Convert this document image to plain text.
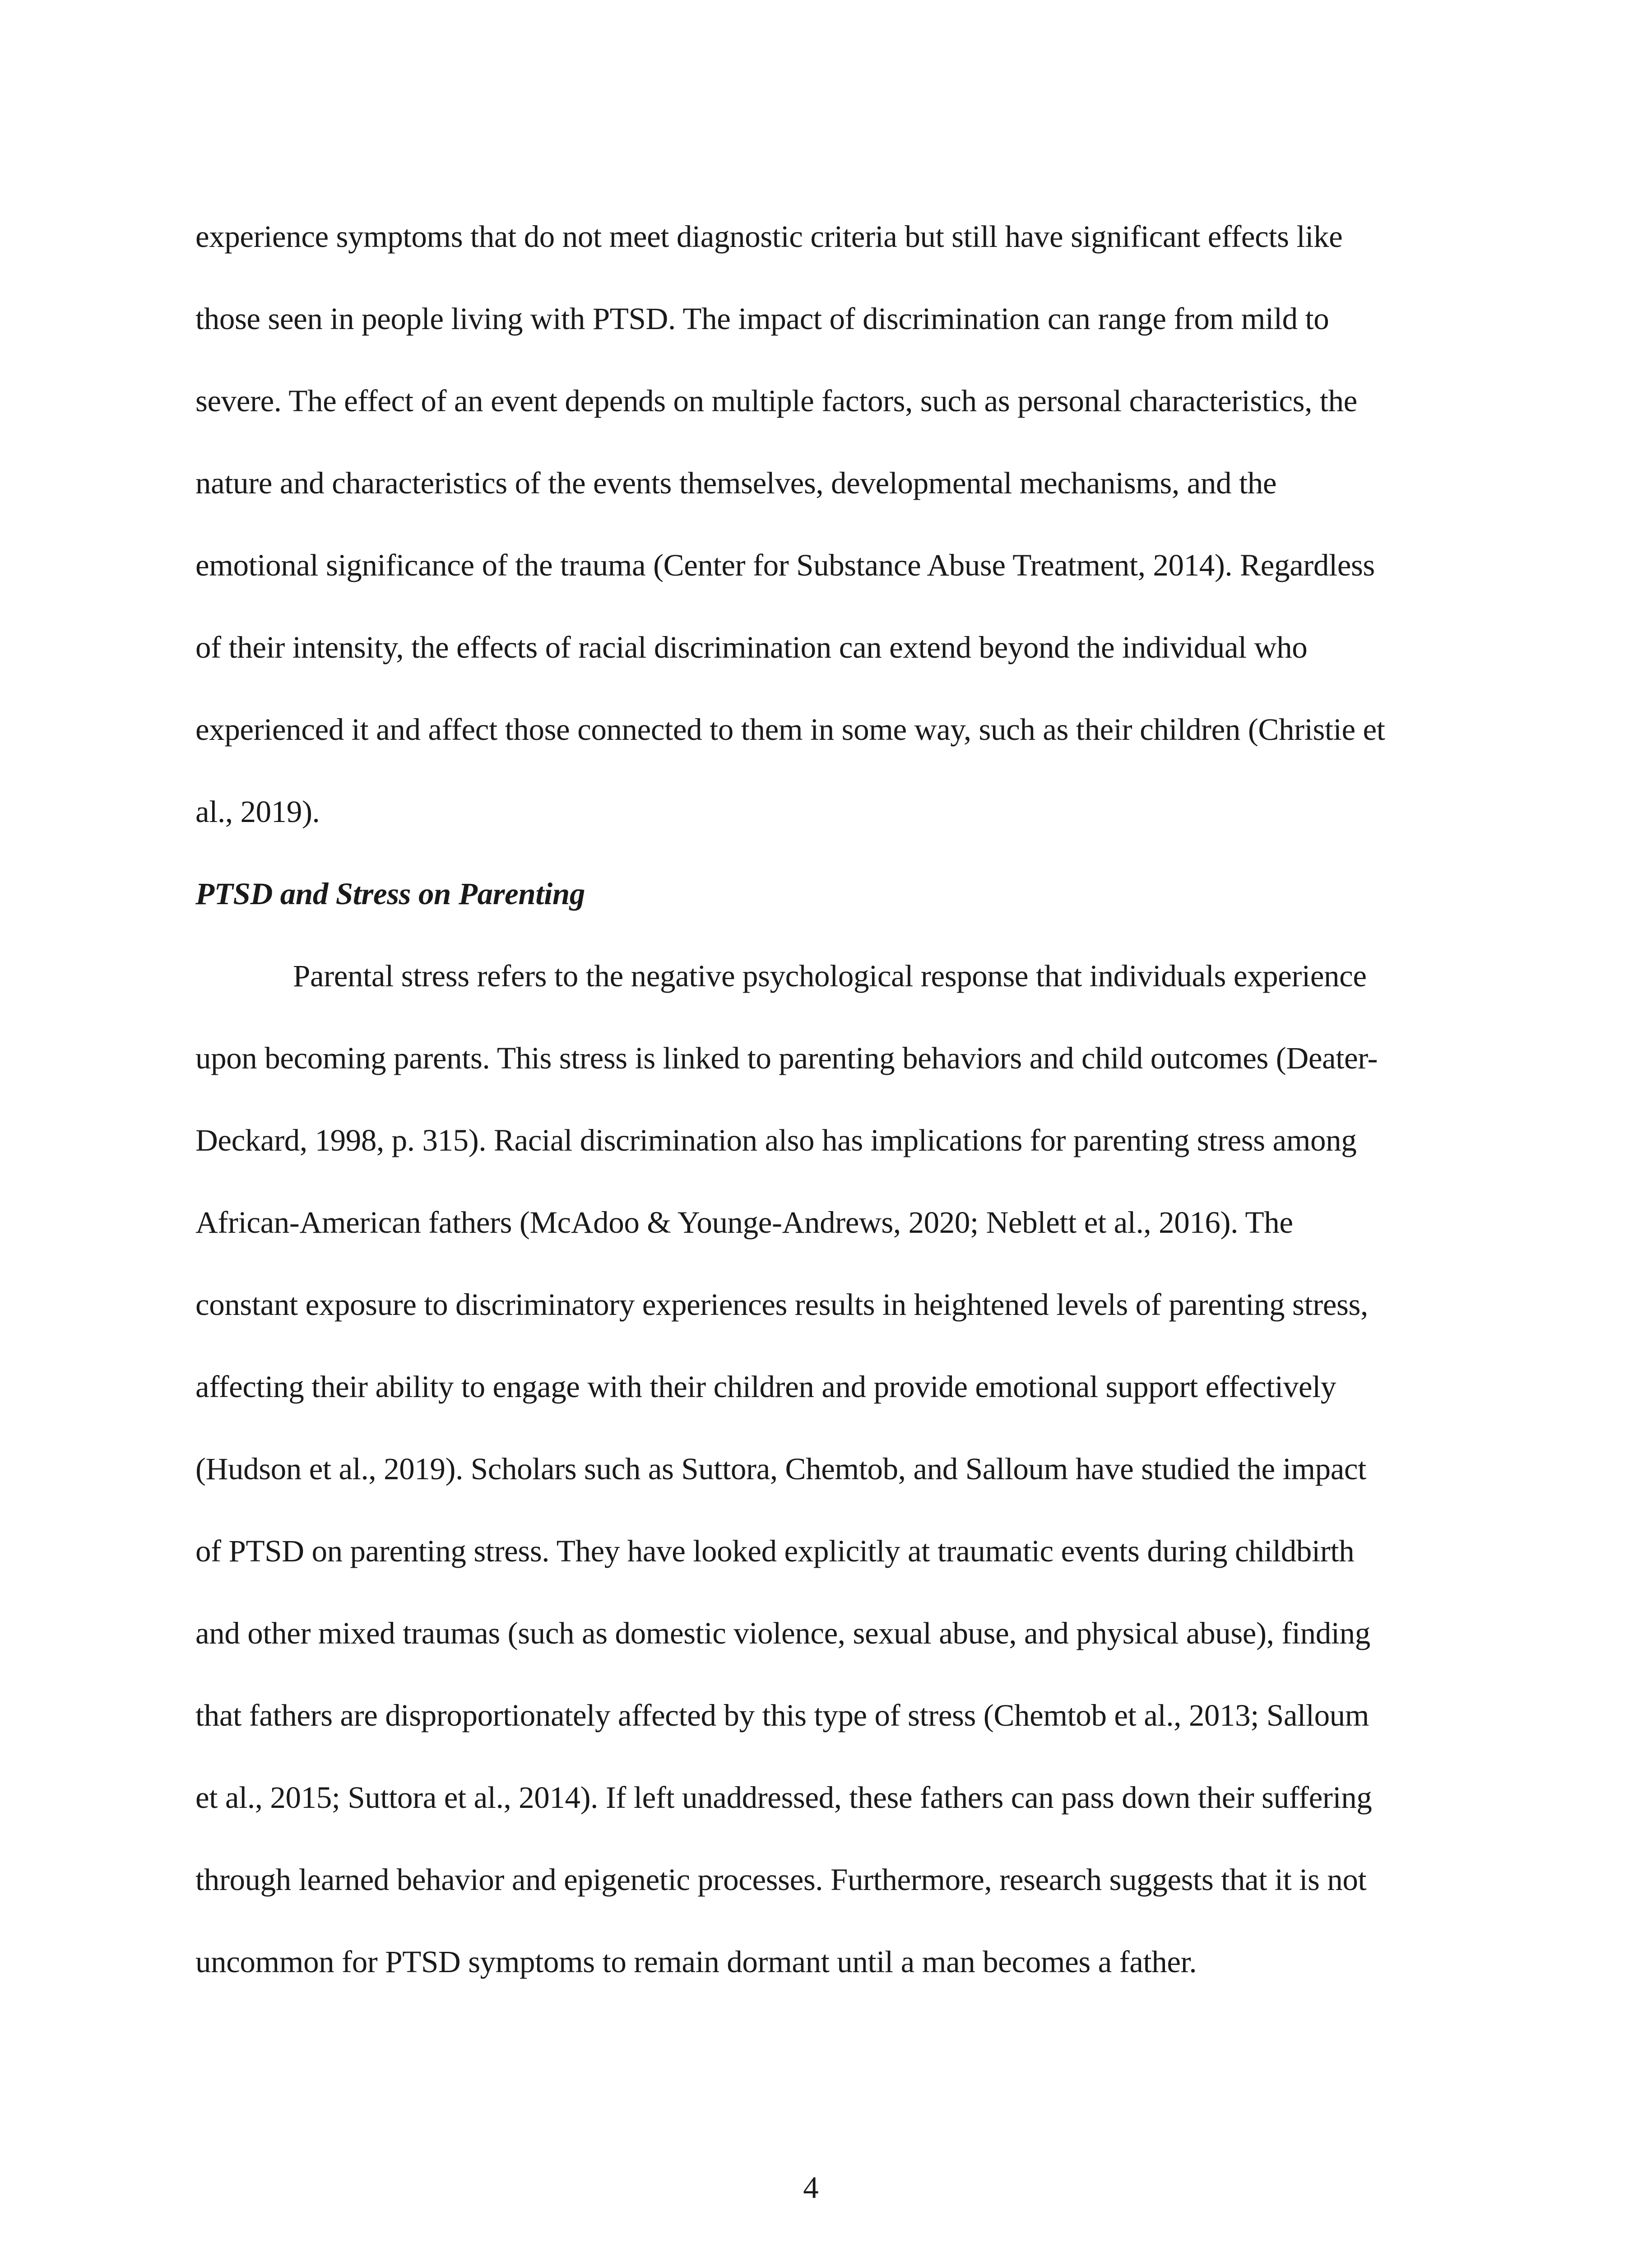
experience symptoms that do not meet diagnostic criteria but still have significant effects like
those seen in people living with PTSD. The impact of discrimination can range from mild to
severe. The effect of an event depends on multiple factors, such as personal characteristics, the
nature and characteristics of the events themselves, developmental mechanisms, and the
emotional significance of the trauma (Center for Substance Abuse Treatment, 2014). Regardless
of their intensity, the effects of racial discrimination can extend beyond the individual who
experienced it and affect those connected to them in some way, such as their children (Christie et
al., 2019).
PTSD and Stress on Parenting
Parental stress refers to the negative psychological response that individuals experience
upon becoming parents. This stress is linked to parenting behaviors and child outcomes (Deater-
Deckard, 1998, p. 315). Racial discrimination also has implications for parenting stress among
African-American fathers (McAdoo & Younge-Andrews, 2020; Neblett et al., 2016). The
constant exposure to discriminatory experiences results in heightened levels of parenting stress,
affecting their ability to engage with their children and provide emotional support effectively
(Hudson et al., 2019). Scholars such as Suttora, Chemtob, and Salloum have studied the impact
of PTSD on parenting stress. They have looked explicitly at traumatic events during childbirth
and other mixed traumas (such as domestic violence, sexual abuse, and physical abuse), finding
that fathers are disproportionately affected by this type of stress (Chemtob et al., 2013; Salloum
et al., 2015; Suttora et al., 2014). If left unaddressed, these fathers can pass down their suffering
through learned behavior and epigenetic processes. Furthermore, research suggests that it is not
uncommon for PTSD symptoms to remain dormant until a man becomes a father.
4
